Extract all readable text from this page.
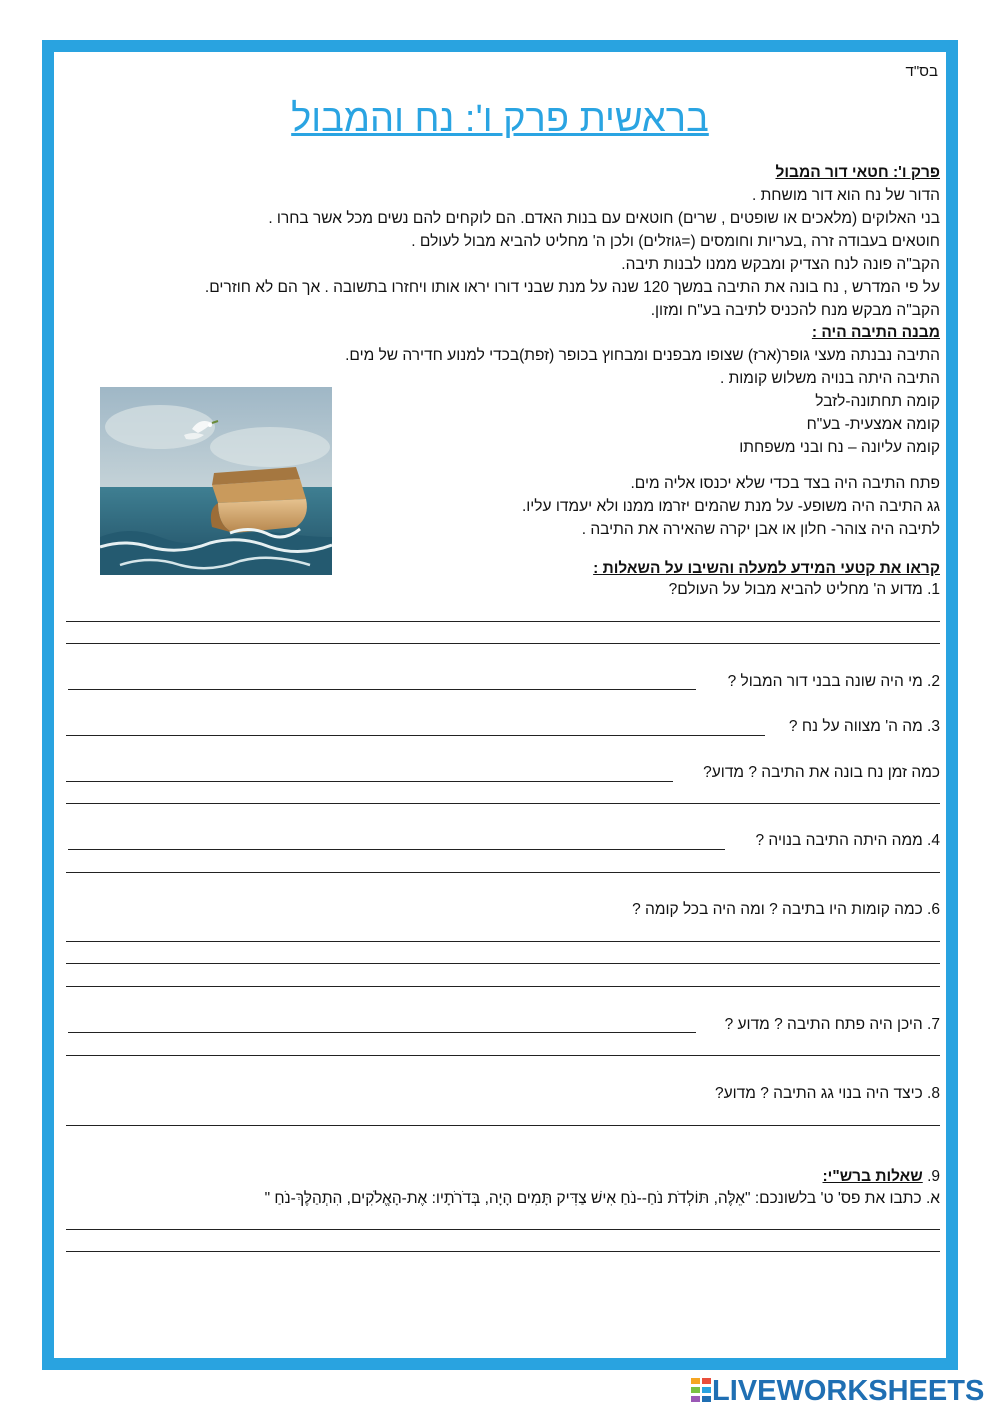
בס"ד
בראשית פרק ו': נח והמבול
פרק ו': חטאי דור המבול
הדור של נח הוא דור מושחת .
בני האלוקים (מלאכים או שופטים , שרים) חוטאים עם בנות האדם. הם לוקחים להם נשים מכל אשר בחרו .
חוטאים בעבודה זרה ,בעריות וחומסים (=גוזלים) ולכן ה' מחליט להביא מבול לעולם .
הקב"ה פונה לנח הצדיק ומבקש ממנו לבנות תיבה.
על פי המדרש , נח בונה את התיבה במשך 120 שנה על מנת שבני דורו יראו אותו ויחזרו בתשובה . אך הם לא חוזרים.
הקב"ה מבקש מנח להכניס לתיבה בע"ח ומזון.
מבנה התיבה היה :
התיבה נבנתה מעצי גופר(ארז) שצופו מבפנים ומבחוץ בכופר (זפת)בכדי למנוע חדירה של מים.
התיבה היתה בנויה משלוש קומות .
קומה תחתונה-לזבל
קומה אמצעית- בע"ח
קומה עליונה – נח ובני משפחתו
פתח התיבה היה בצד בכדי שלא יכנסו אליה מים.
גג התיבה היה משופע- על מנת שהמים יזרמו ממנו ולא יעמדו עליו.
לתיבה היה צוהר- חלון או אבן יקרה שהאירה את התיבה .
קראו את קטעי המידע למעלה והשיבו על השאלות :
1. מדוע ה' מחליט להביא מבול על העולם?
2. מי היה שונה בבני דור המבול ?
3. מה ה' מצווה על נח ?
כמה זמן נח בונה את התיבה ? מדוע?
4. ממה היתה התיבה בנויה ?
6. כמה קומות היו בתיבה ? ומה היה בכל קומה ?
7. היכן היה פתח התיבה ? מדוע ?
8. כיצד היה בנוי גג התיבה ? מדוע?
9. שאלות ברש"י:
א. כתבו את פס' ט' בלשונכם: "אֵלֶּה, תּוֹלְדֹת נֹחַ--נֹחַ אִישׁ צַדִּיק תָּמִים הָיָה, בְּדֹרֹתָיו: אֶת-הָאֱלֹקִים, הִתְהַלֶּךְ-נֹחַ "
LIVEWORKSHEETS
